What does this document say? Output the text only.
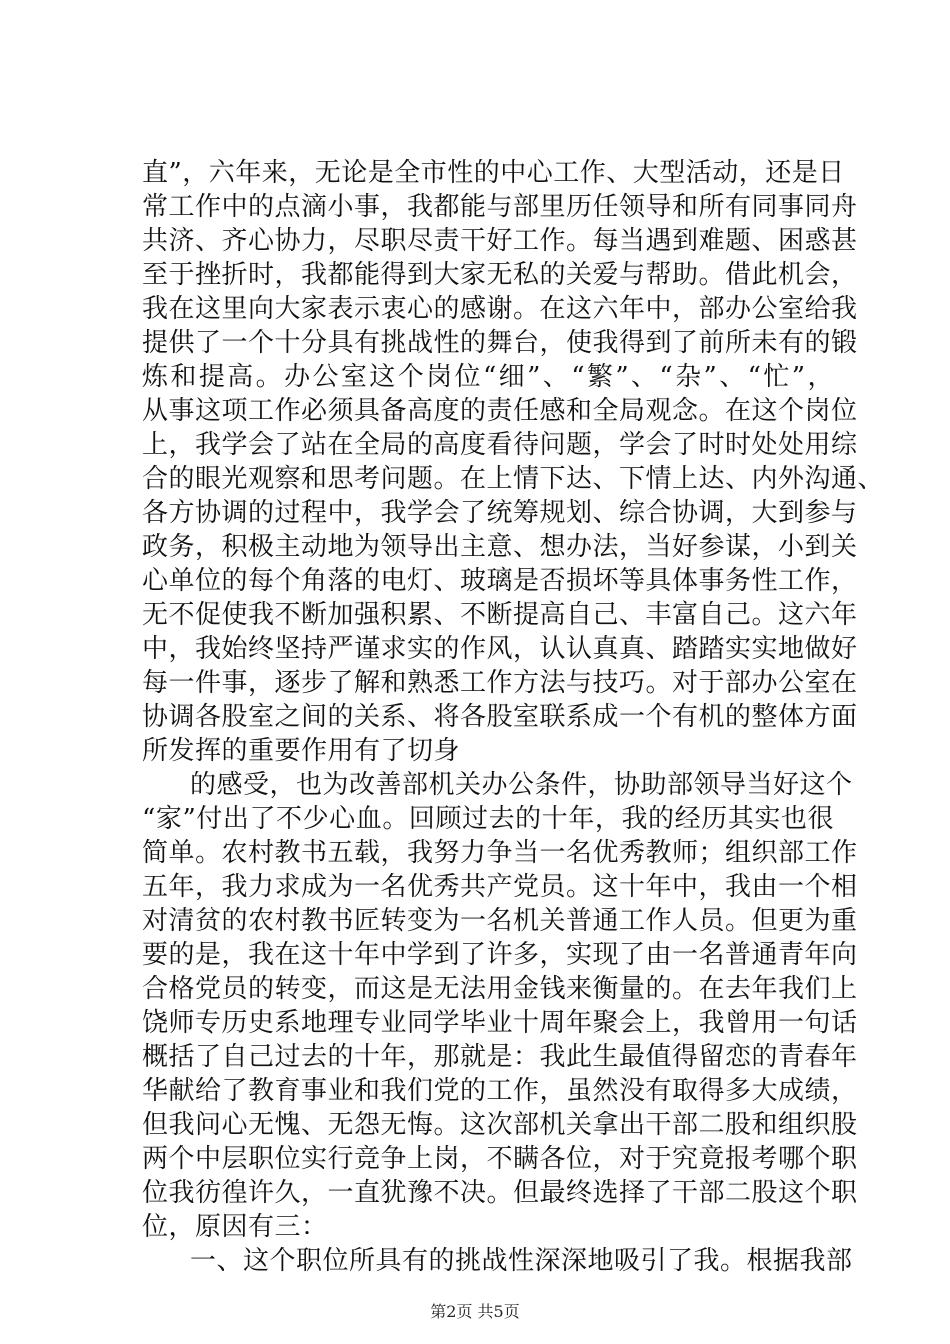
直”，六年来，无论是全市性的中心工作、大型活动，还是日
常工作中的点滴小事，我都能与部里历任领导和所有同事同舟
共济、齐心协力，尽职尽责干好工作。每当遇到难题、困惑甚
至于挫折时，我都能得到大家无私的关爱与帮助。借此机会，
我在这里向大家表示衷心的感谢。在这六年中，部办公室给我
提供了一个十分具有挑战性的舞台，使我得到了前所未有的锻
炼和提高。办公室这个岗位“细”、“繁”、“杂”、“忙”，
从事这项工作必须具备高度的责任感和全局观念。在这个岗位
上，我学会了站在全局的高度看待问题，学会了时时处处用综
合的眼光观察和思考问题。在上情下达、下情上达、内外沟通、
各方协调的过程中，我学会了统筹规划、综合协调，大到参与
政务，积极主动地为领导出主意、想办法，当好参谋，小到关
心单位的每个角落的电灯、玻璃是否损坏等具体事务性工作，
无不促使我不断加强积累、不断提高自己、丰富自己。这六年
中，我始终坚持严谨求实的作风，认认真真、踏踏实实地做好
每一件事，逐步了解和熟悉工作方法与技巧。对于部办公室在
协调各股室之间的关系、将各股室联系成一个有机的整体方面
所发挥的重要作用有了切身
的感受，也为改善部机关办公条件，协助部领导当好这个
“家”付出了不少心血。回顾过去的十年，我的经历其实也很
简单。农村教书五载，我努力争当一名优秀教师；组织部工作
五年，我力求成为一名优秀共产党员。这十年中，我由一个相
对清贫的农村教书匠转变为一名机关普通工作人员。但更为重
要的是，我在这十年中学到了许多，实现了由一名普通青年向
合格党员的转变，而这是无法用金钱来衡量的。在去年我们上
饶师专历史系地理专业同学毕业十周年聚会上，我曾用一句话
概括了自己过去的十年，那就是：我此生最值得留恋的青春年
华献给了教育事业和我们党的工作，虽然没有取得多大成绩，
但我问心无愧、无怨无悔。这次部机关拿出干部二股和组织股
两个中层职位实行竞争上岗，不瞒各位，对于究竟报考哪个职
位我彷徨许久，一直犹豫不决。但最终选择了干部二股这个职
位，原因有三：
一、这个职位所具有的挑战性深深地吸引了我。根据我部
第2页 共5页
